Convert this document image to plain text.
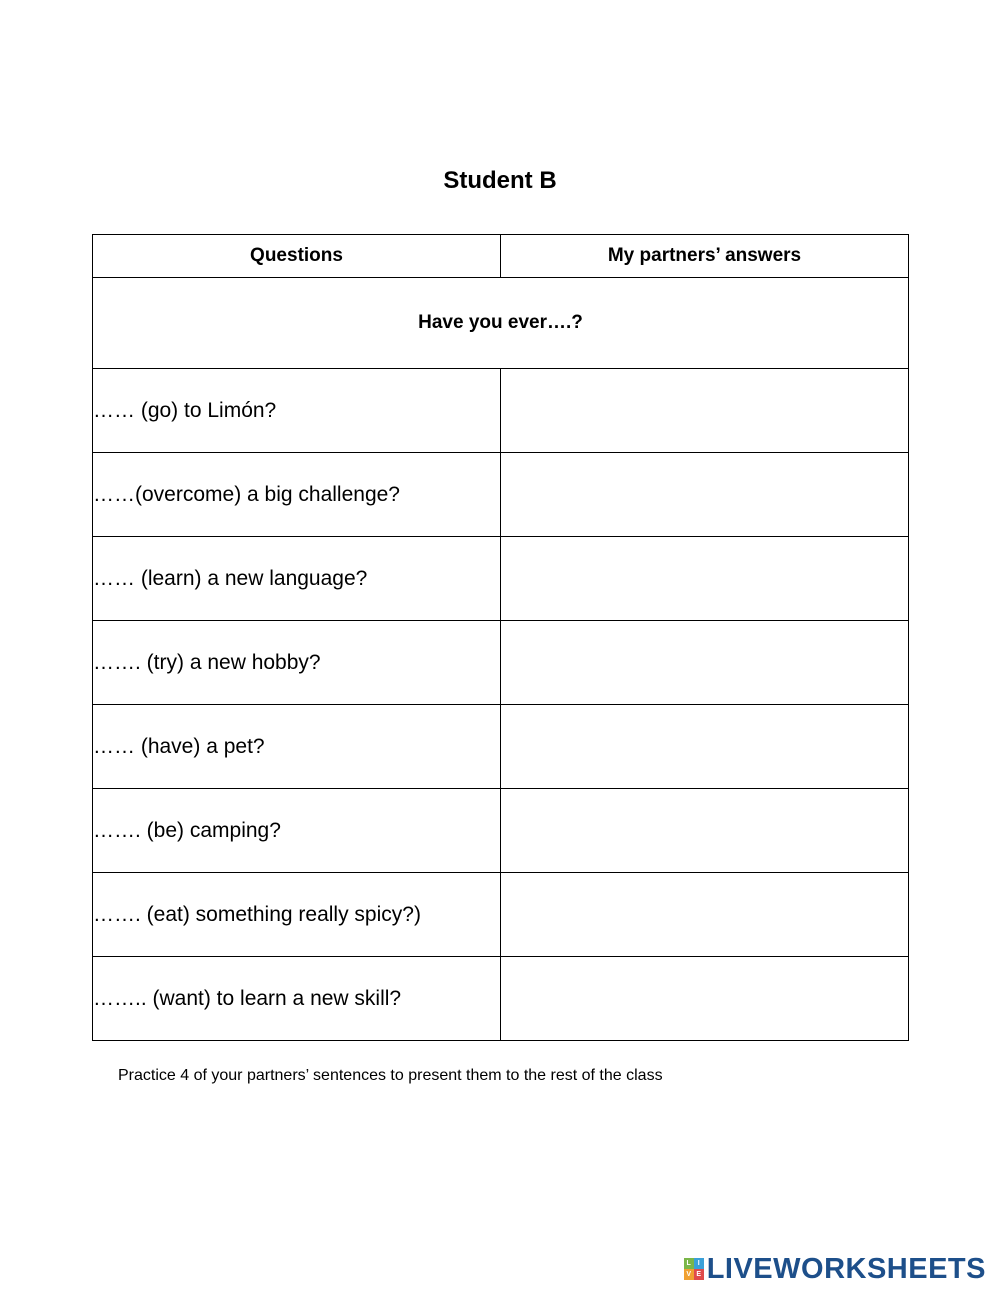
Student B
Questions	My partners’ answers
Have you ever….?	
…… (go) to Limón?	
……(overcome) a big challenge?	
…… (learn) a new language?	
……. (try) a new hobby?	
…… (have) a pet?	
……. (be) camping?	
……. (eat) something really spicy?)	
…….. (want) to learn a new skill?	

Practice 4 of your partners’ sentences to present them to the rest of the class

L I
V E LIVEWORKSHEETS
